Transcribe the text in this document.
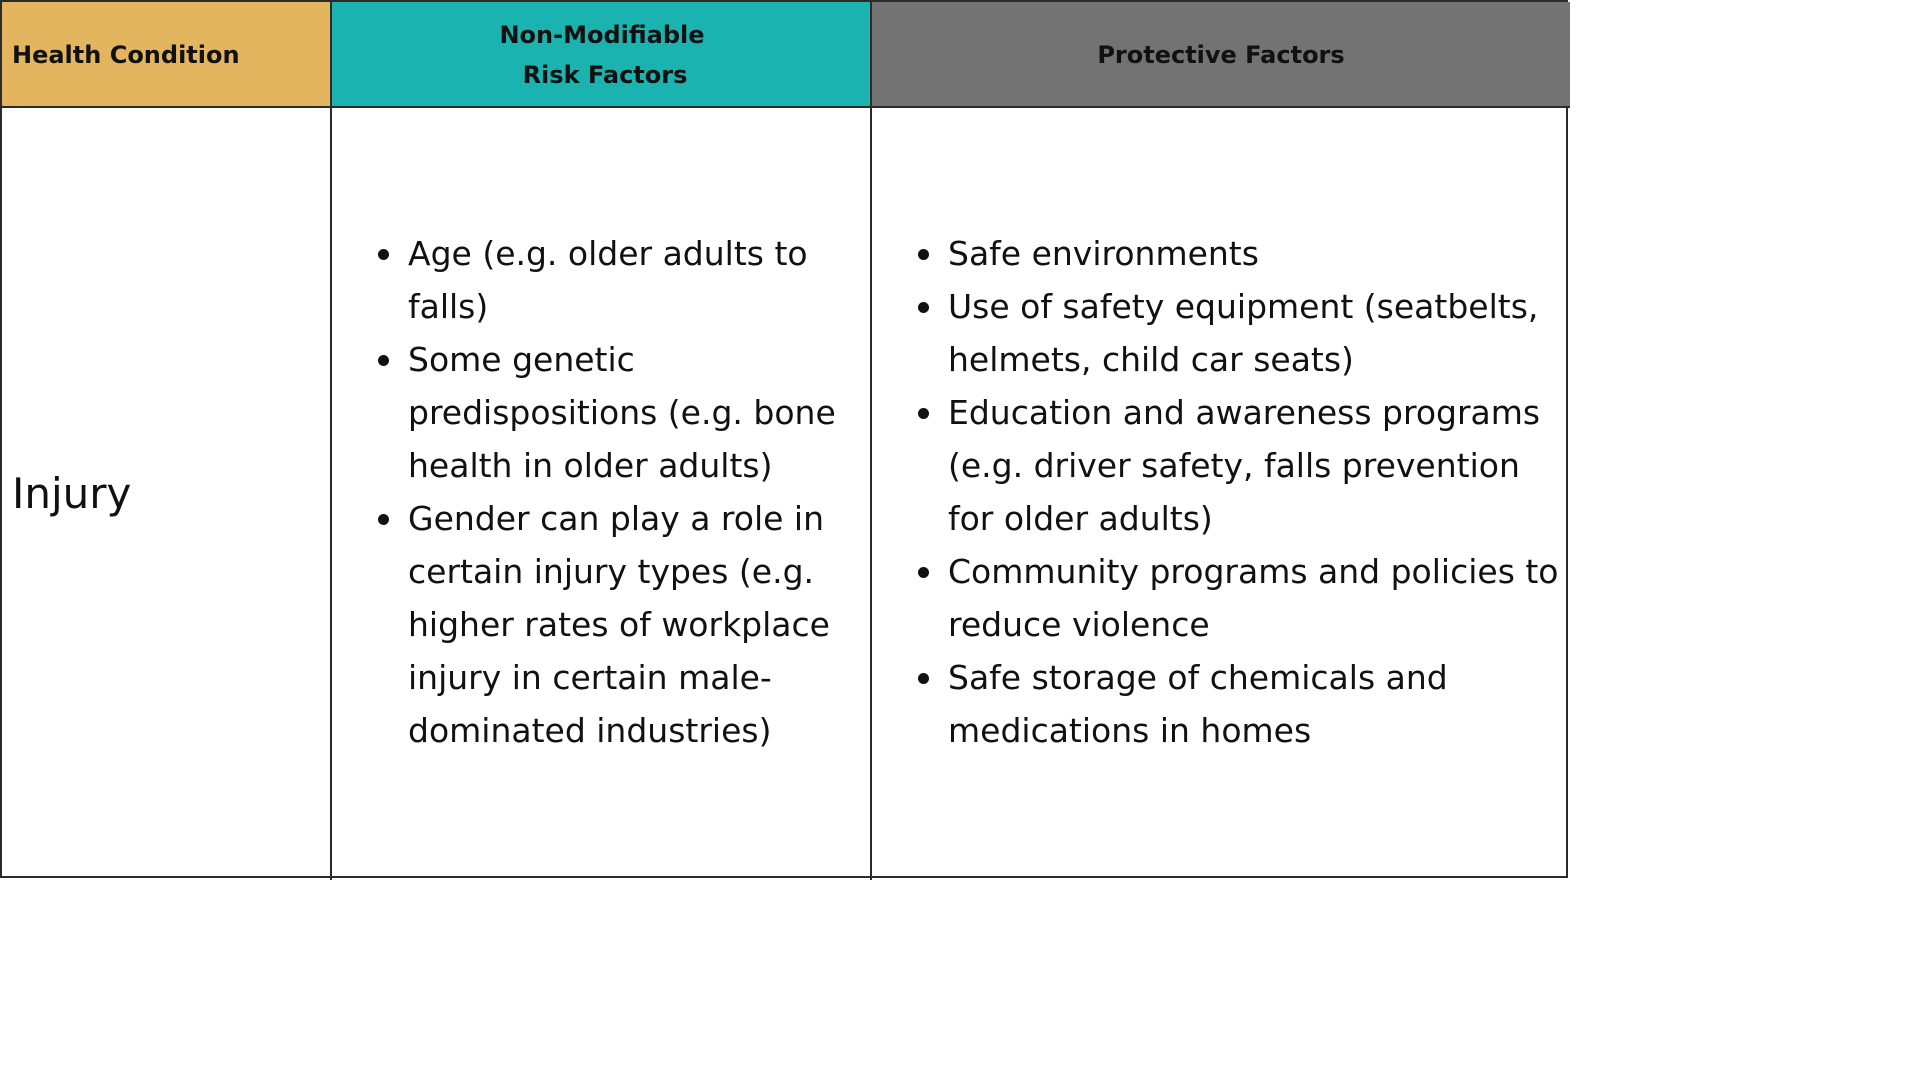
Health Condition
Non-Modifiable
Risk Factors
Protective Factors
Injury
Age (e.g. older adults to falls)
Some genetic predispositions (e.g. bone health in older adults)
Gender can play a role in certain injury types (e.g. higher rates of workplace injury in certain male-dominated industries)
Safe environments
Use of safety equipment (seatbelts, helmets, child car seats)
Education and awareness programs (e.g. driver safety, falls prevention for older adults)
Community programs and policies to reduce violence
Safe storage of chemicals and medications in homes
